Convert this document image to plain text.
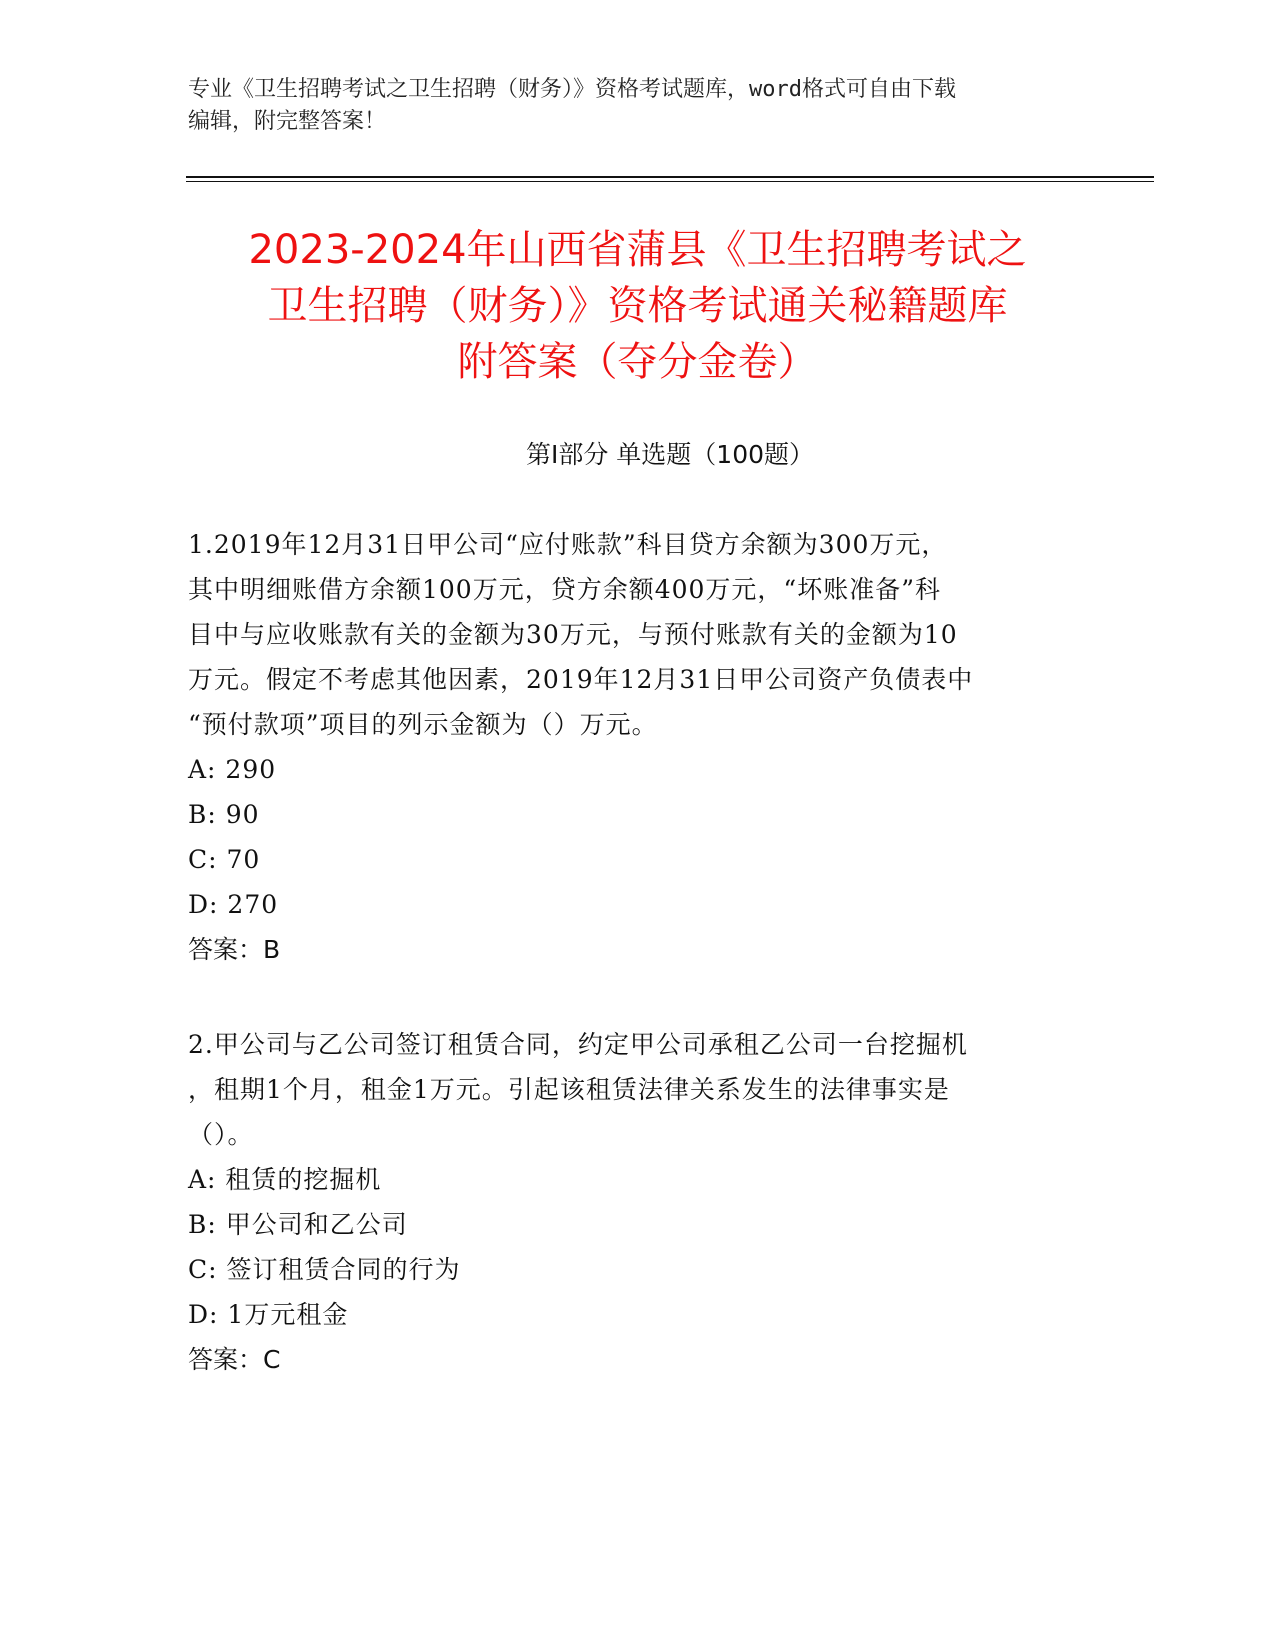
专业《卫生招聘考试之卫生招聘（财务）》资格考试题库，word格式可自由下载
编辑，附完整答案！
2023-2024年山西省蒲县《卫生招聘考试之
卫生招聘（财务）》资格考试通关秘籍题库
附答案（夺分金卷）
第Ⅰ部分 单选题（100题）

1.2019年12月31日甲公司“应付账款”科目贷方余额为300万元，
其中明细账借方余额100万元，贷方余额400万元，“坏账准备”科
目中与应收账款有关的金额为30万元，与预付账款有关的金额为10
万元。假定不考虑其他因素，2019年12月31日甲公司资产负债表中
“预付款项”项目的列示金额为（）万元。

A: 290

B: 90

C: 70

D: 270

答案：B

2.甲公司与乙公司签订租赁合同，约定甲公司承租乙公司一台挖掘机
，租期1个月，租金1万元。引起该租赁法律关系发生的法律事实是
（）。

A: 租赁的挖掘机

B: 甲公司和乙公司

C: 签订租赁合同的行为

D: 1万元租金

答案：C
